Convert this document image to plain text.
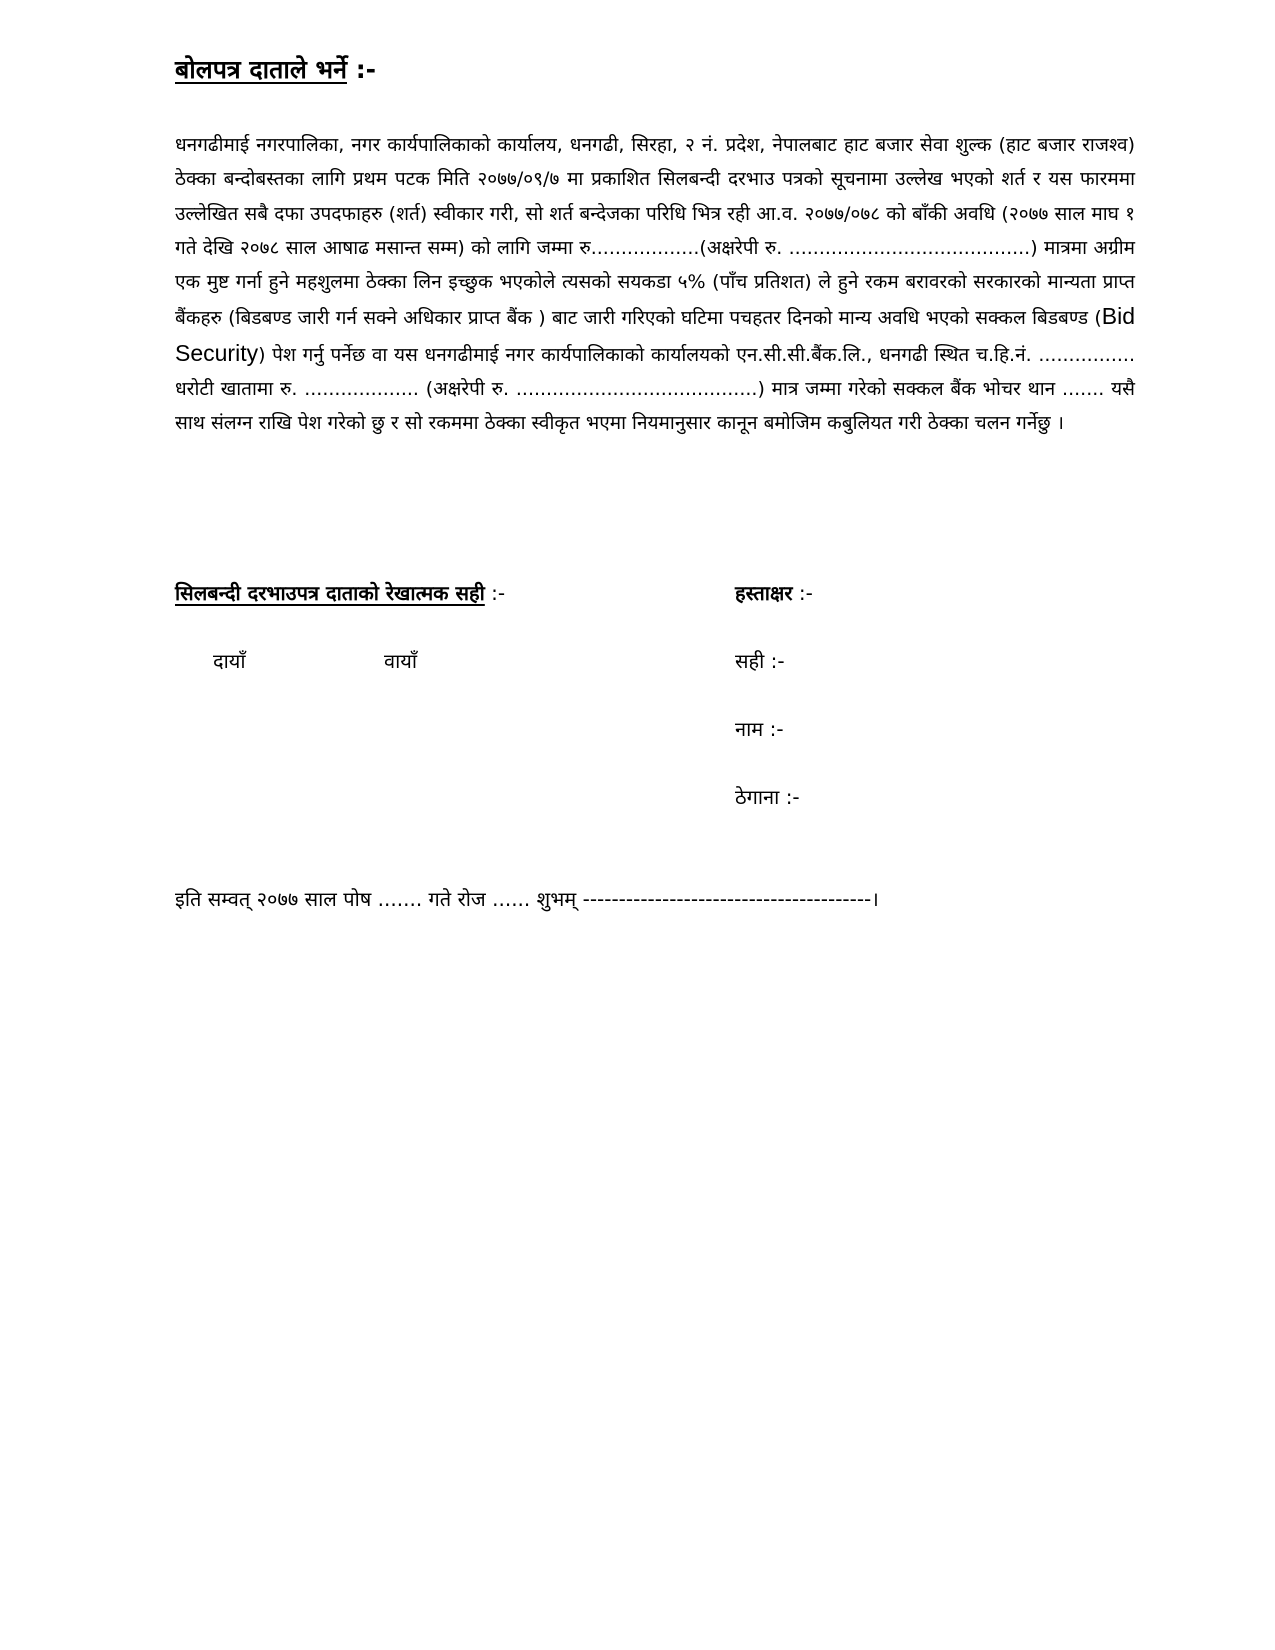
बोलपत्र दाताले भर्ने :-
धनगढीमाई नगरपालिका, नगर कार्यपालिकाको कार्यालय, धनगढी, सिरहा, २ नं. प्रदेश, नेपालबाट हाट बजार सेवा शुल्क (हाट बजार राजश्व) ठेक्का बन्दोबस्तका लागि प्रथम पटक मिति २०७७/०९/७ मा प्रकाशित सिलबन्दी दरभाउ पत्रको सूचनामा उल्लेख भएको शर्त र यस फारममा उल्लेखित सबै दफा उपदफाहरु (शर्त) स्वीकार गरी, सो शर्त बन्देजका परिधि भित्र रही आ.व. २०७७/०७८ को बाँकी अवधि (२०७७ साल माघ १ गते देखि २०७८ साल आषाढ मसान्त सम्म) को लागि जम्मा रु..................(अक्षरेपी रु. ........................................) मात्रमा अग्रीम एक मुष्ट गर्ना हुने महशुलमा ठेक्का लिन इच्छुक भएकोले त्यसको सयकडा ५% (पाँच प्रतिशत) ले हुने रकम बरावरको सरकारको मान्यता प्राप्त बैंकहरु (बिडबण्ड जारी गर्न सक्ने अधिकार प्राप्त बैंक ) बाट जारी गरिएको घटिमा पचहतर दिनको मान्य अवधि भएको सक्कल बिडबण्ड (Bid Security) पेश गर्नु पर्नेछ वा यस धनगढीमाई नगर कार्यपालिकाको कार्यालयको एन.सी.सी.बैंक.लि., धनगढी स्थित च.हि.नं. ................ धरोटी खातामा रु. ................... (अक्षरेपी रु. ........................................) मात्र जम्मा गरेको सक्कल बैंक भोचर थान ....... यसै साथ संलग्न राखि पेश गरेको छु र सो रकममा ठेक्का स्वीकृत भएमा नियमानुसार कानून बमोजिम कबुलियत गरी ठेक्का चलन गर्नेछु ।
सिलबन्दी दरभाउपत्र दाताको रेखात्मक सही :-	हस्ताक्षर :-
दायाँ	वायाँ	सही :-
नाम :-
ठेगाना :-
इति सम्वत् २०७७ साल पोष ....... गते रोज ...... शुभम् ----------------------------------------।
